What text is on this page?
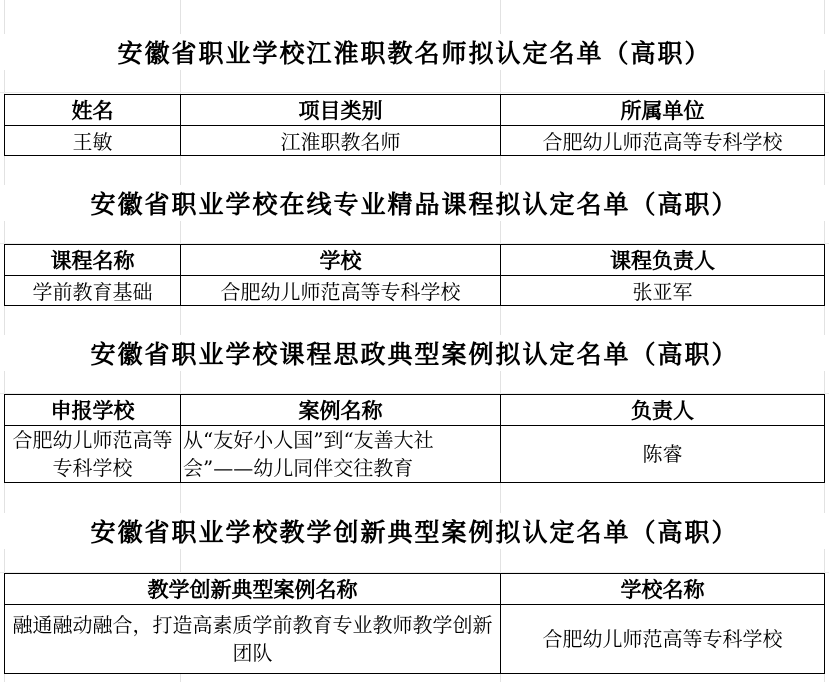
安徽省职业学校江淮职教名师拟认定名单（高职）
姓名	项目类别	所属单位
王敏	江淮职教名师	合肥幼儿师范高等专科学校
安徽省职业学校在线专业精品课程拟认定名单（高职）
课程名称	学校	课程负责人
学前教育基础	合肥幼儿师范高等专科学校	张亚军
安徽省职业学校课程思政典型案例拟认定名单（高职）
申报学校	案例名称	负责人
合肥幼儿师范高等专科学校	从“友好小人国”到“友善大社会”——幼儿同伴交往教育	陈睿
安徽省职业学校教学创新典型案例拟认定名单（高职）
教学创新典型案例名称	学校名称
融通融动融合，打造高素质学前教育专业教师教学创新团队	合肥幼儿师范高等专科学校
